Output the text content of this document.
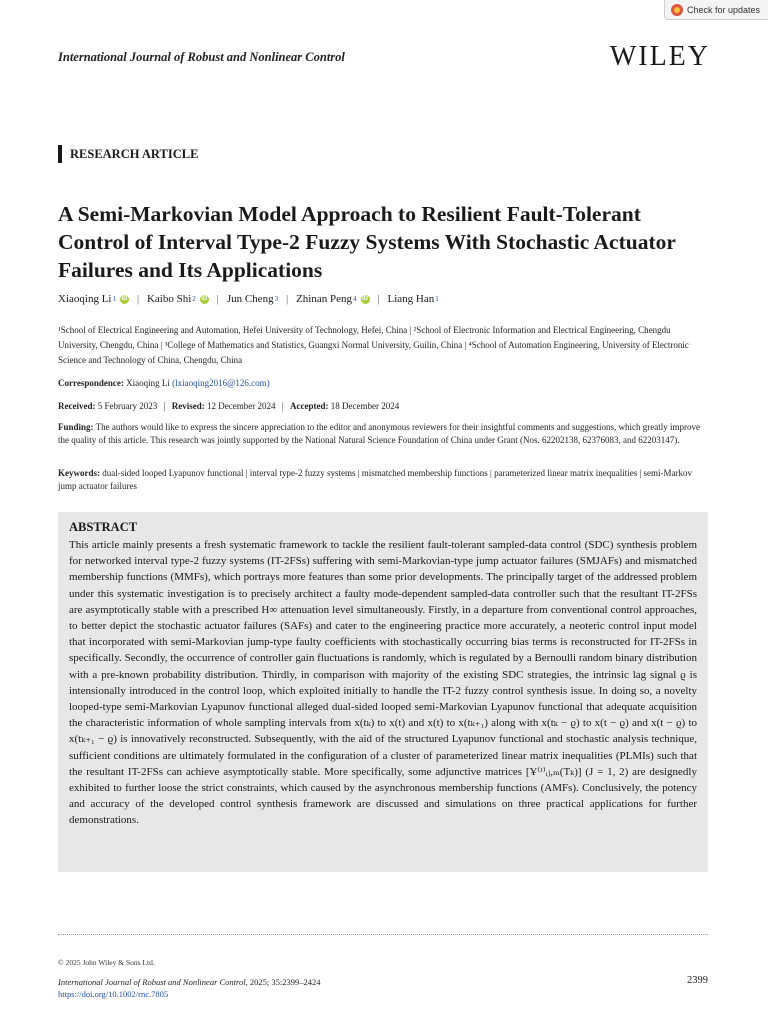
Check for updates
International Journal of Robust and Nonlinear Control	WILEY
RESEARCH ARTICLE
A Semi-Markovian Model Approach to Resilient Fault-Tolerant Control of Interval Type-2 Fuzzy Systems With Stochastic Actuator Failures and Its Applications
Xiaoqing Li 1 iD | Kaibo Shi 2 iD | Jun Cheng 3 | Zhinan Peng 4 iD | Liang Han 1
¹School of Electrical Engineering and Automation, Hefei University of Technology, Hefei, China | ²School of Electronic Information and Electrical Engineering, Chengdu University, Chengdu, China | ³College of Mathematics and Statistics, Guangxi Normal University, Guilin, China | ⁴School of Automation Engineering, University of Electronic Science and Technology of China, Chengdu, China
Correspondence: Xiaoqing Li (lxiaoqing2016@126.com)
Received: 5 February 2023 | Revised: 12 December 2024 | Accepted: 18 December 2024
Funding: The authors would like to express the sincere appreciation to the editor and anonymous reviewers for their insightful comments and suggestions, which greatly improve the quality of this article. This research was jointly supported by the National Natural Science Foundation of China under Grant (Nos. 62202138, 62376083, and 62203147).
Keywords: dual-sided looped Lyapunov functional | interval type-2 fuzzy systems | mismatched membership functions | parameterized linear matrix inequalities | semi-Markov jump actuator failures
ABSTRACT

This article mainly presents a fresh systematic framework to tackle the resilient fault-tolerant sampled-data control (SDC) synthesis problem for networked interval type-2 fuzzy systems (IT-2FSs) suffering with semi-Markovian-type jump actuator failures (SMJAFs) and mismatched membership functions (MMFs), which portrays more features than some prior developments. The principally target of the addressed problem under this systematic investigation is to precisely architect a faulty mode-dependent sampled-data controller such that the resultant IT-2FSs are asymptotically stable with a prescribed H∞ attenuation level simultaneously. Firstly, in a departure from conventional control approaches, to better depict the stochastic actuator failures (SAFs) and cater to the engineering practice more accurately, a neoteric control input model that incorporated with semi-Markovian jump-type faulty coefficients with stochastically occurring bias terms is reconstructed for IT-2FSs in specifically. Secondly, the occurrence of controller gain fluctuations is randomly, which is regulated by a Bernoulli random binary distribution with a pre-known probability distribution. Thirdly, in comparison with majority of the existing SDC strategies, the intrinsic lag signal ϱ is intensionally introduced in the control loop, which exploited initially to handle the IT-2 fuzzy control synthesis issue. In doing so, a novelty looped-type semi-Markovian Lyapunov functional alleged dual-sided looped semi-Markovian Lyapunov functional that adequate acquisition the characteristic information of whole sampling intervals from x(tₖ) to x(t) and x(t) to x(tₖ₊₁) along with x(tₖ − ϱ) to x(t − ϱ) and x(t − ϱ) to x(tₖ₊₁ − ϱ) is innovatively reconstructed. Subsequently, with the aid of the structured Lyapunov functional and stochastic analysis technique, sufficient conditions are ultimately formulated in the configuration of a cluster of parameterized linear matrix inequalities (PLMIs) such that the resultant IT-2FSs can achieve asymptotically stable. More specifically, some adjunctive matrices [Ұ⁽ᴶ⁾ᵢⱼ,ₘ(Tₖ)] (J = 1, 2) are designedly exhibited to further loose the strict constraints, which caused by the asynchronous membership functions (AMFs). Conclusively, the potency and accuracy of the developed control synthesis framework are discussed and simulations on three practical applications for further demonstrations.

© 2025 John Wiley & Sons Ltd.
International Journal of Robust and Nonlinear Control, 2025; 35:2399–2424
https://doi.org/10.1002/rnc.7805
2399
